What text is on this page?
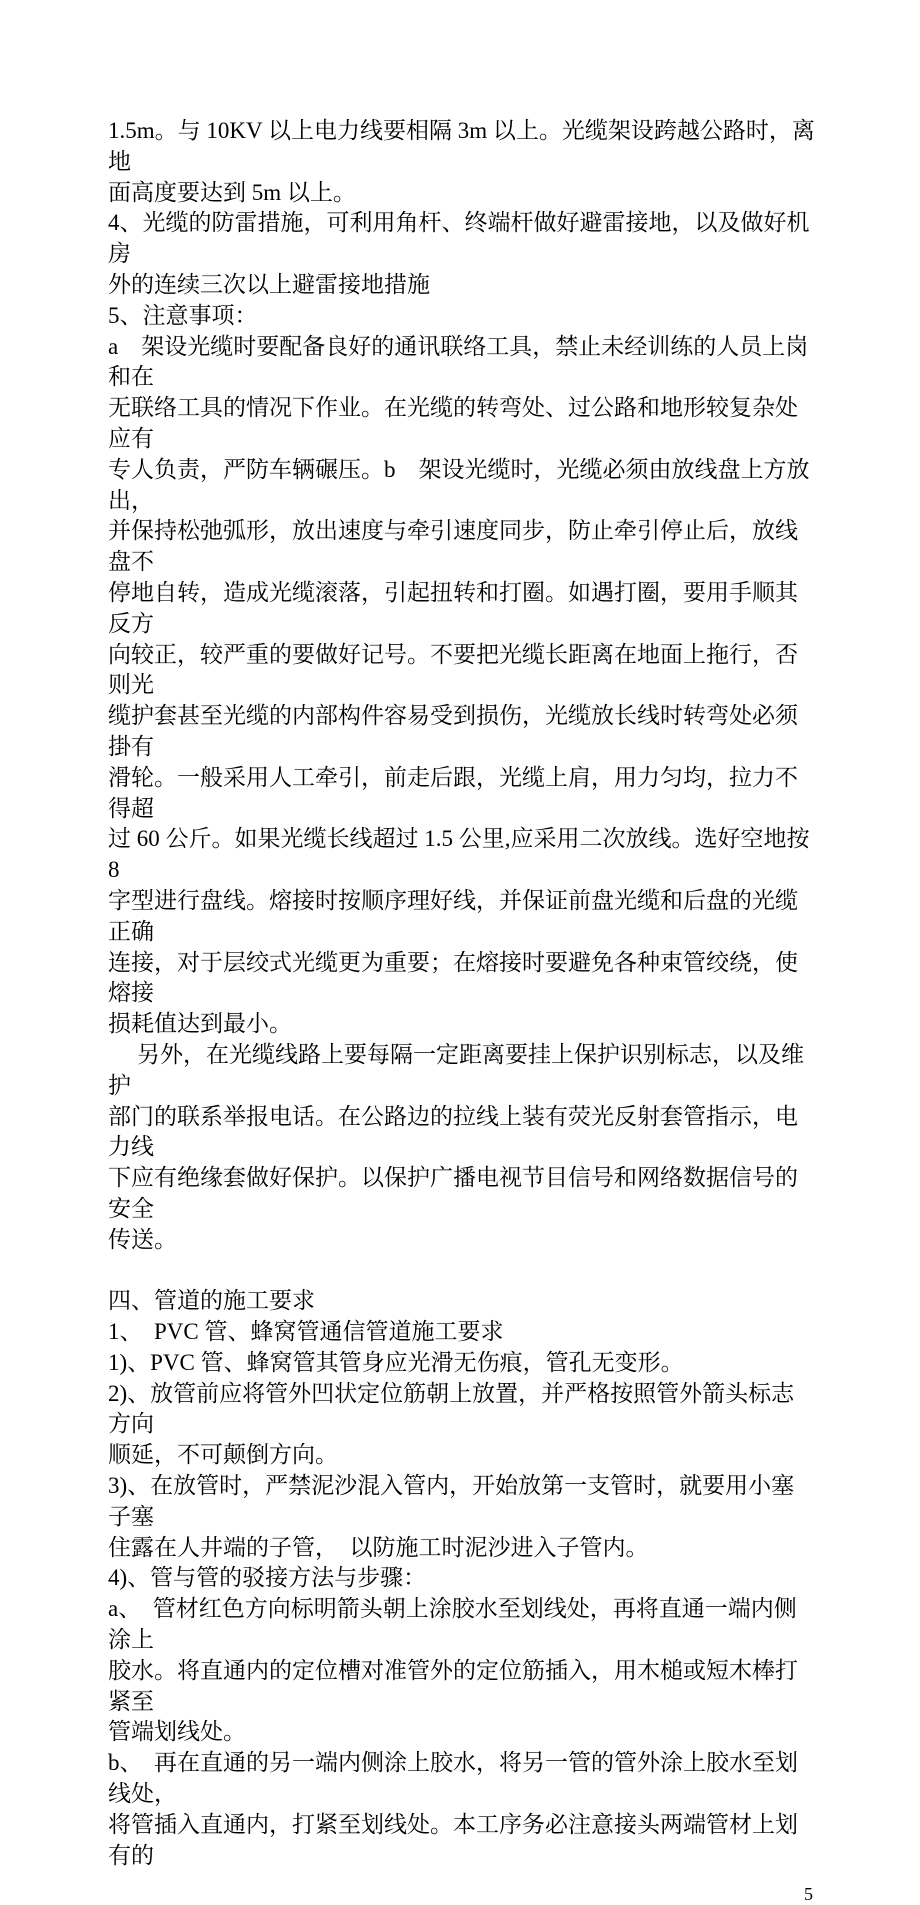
1.5m。与 10KV 以上电力线要相隔 3m 以上。光缆架设跨越公路时，离地
面高度要达到 5m 以上。
4、光缆的防雷措施，可利用角杆、终端杆做好避雷接地，以及做好机房
外的连续三次以上避雷接地措施
5、注意事项：
a　架设光缆时要配备良好的通讯联络工具，禁止未经训练的人员上岗和在
无联络工具的情况下作业。在光缆的转弯处、过公路和地形较复杂处应有
专人负责，严防车辆碾压。b　架设光缆时，光缆必须由放线盘上方放出，
并保持松弛弧形，放出速度与牵引速度同步，防止牵引停止后，放线盘不
停地自转，造成光缆滚落，引起扭转和打圈。如遇打圈，要用手顺其反方
向较正，较严重的要做好记号。不要把光缆长距离在地面上拖行，否则光
缆护套甚至光缆的内部构件容易受到损伤，光缆放长线时转弯处必须掛有
滑轮。一般采用人工牵引，前走后跟，光缆上肩，用力匀均，拉力不得超
过 60 公斤。如果光缆长线超过 1.5 公里,应采用二次放线。选好空地按 8
字型进行盘线。熔接时按顺序理好线，并保证前盘光缆和后盘的光缆正确
连接，对于层绞式光缆更为重要；在熔接时要避免各种束管绞绕，使熔接
损耗值达到最小。
另外，在光缆线路上要每隔一定距离要挂上保护识别标志，以及维护
部门的联系举报电话。在公路边的拉线上装有荧光反射套管指示，电力线
下应有绝缘套做好保护。以保护广播电视节目信号和网络数据信号的安全
传送。
四、管道的施工要求
1、　PVC 管、蜂窝管通信管道施工要求
1)、PVC 管、蜂窝管其管身应光滑无伤痕，管孔无变形。
2)、放管前应将管外凹状定位筋朝上放置，并严格按照管外箭头标志方向
顺延，不可颠倒方向。
3)、在放管时，严禁泥沙混入管内，开始放第一支管时，就要用小塞子塞
住露在人井端的子管，　以防施工时泥沙进入子管内。
4)、管与管的驳接方法与步骤：
a、　管材红色方向标明箭头朝上涂胶水至划线处，再将直通一端内侧涂上
胶水。将直通内的定位槽对准管外的定位筋插入，用木槌或短木棒打紧至
管端划线处。
b、　再在直通的另一端内侧涂上胶水，将另一管的管外涂上胶水至划线处，
将管插入直通内，打紧至划线处。本工序务必注意接头两端管材上划有的
5
